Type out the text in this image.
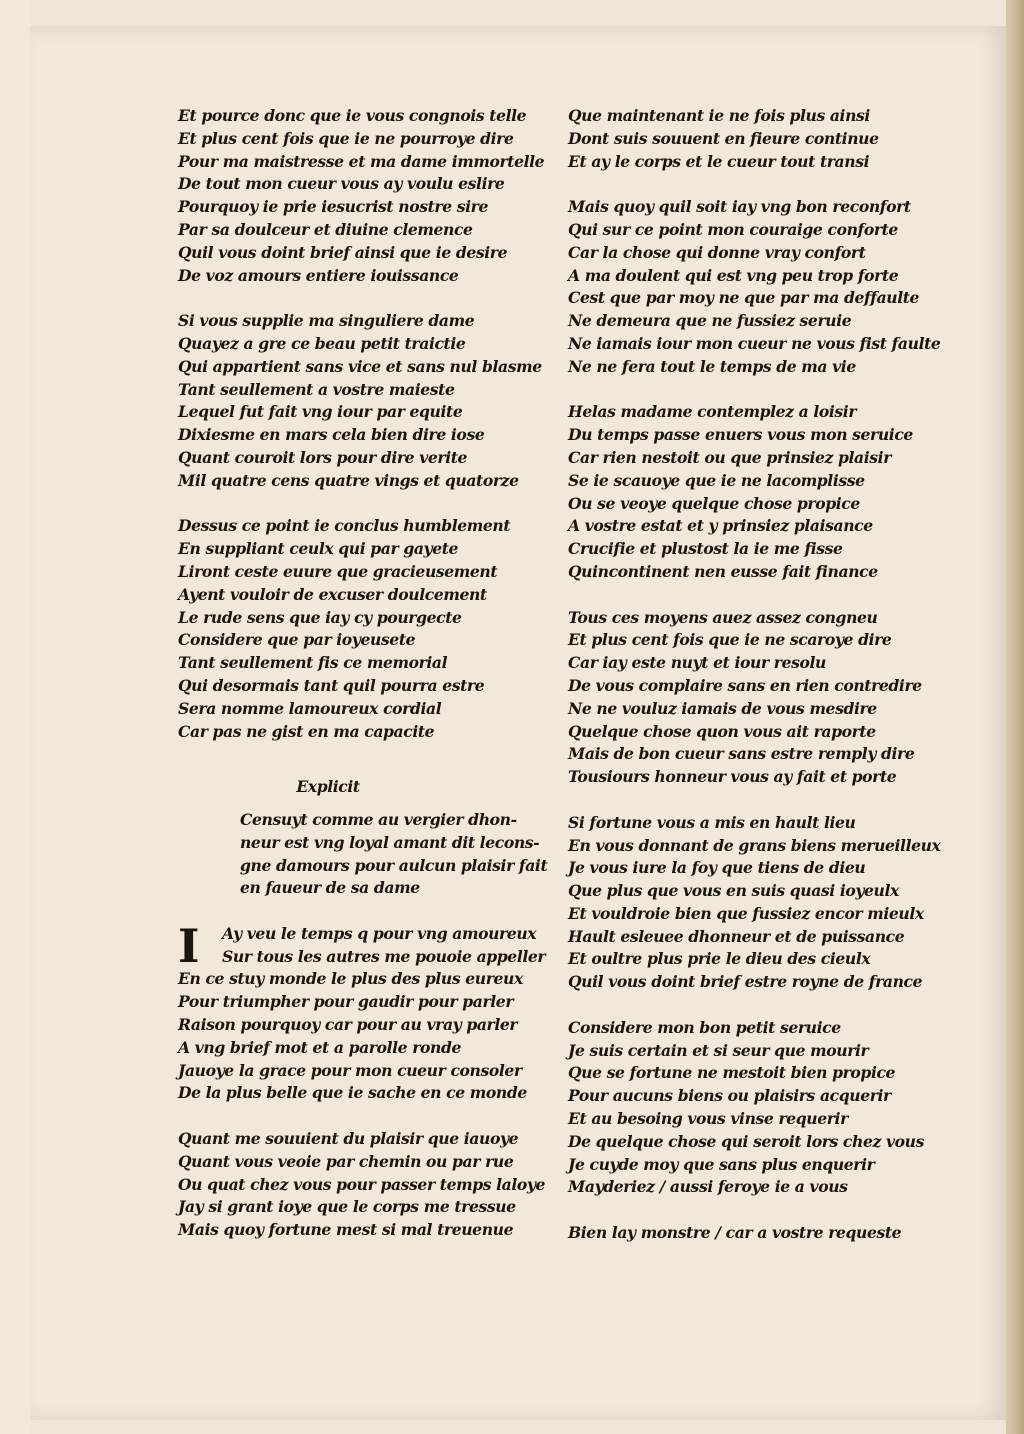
Et pource donc que ie vous congnois telle
Et plus cent fois que ie ne pourroye dire
Pour ma maistresse et ma dame immortelle
De tout mon cueur vous ay voulu eslire
Pourquoy ie prie iesucrist nostre sire
Par sa doulceur et diuine clemence
Quil vous doint brief ainsi que ie desire
De voz amours entiere iouissance
Si vous supplie ma singuliere dame
Quayez a gre ce beau petit traictie
Qui appartient sans vice et sans nul blasme
Tant seullement a vostre maieste
Lequel fut fait vng iour par equite
Dixiesme en mars cela bien dire iose
Quant couroit lors pour dire verite
Mil quatre cens quatre vings et quatorze
Dessus ce point ie conclus humblement
En suppliant ceulx qui par gayete
Liront ceste euure que gracieusement
Ayent vouloir de excuser doulcement
Le rude sens que iay cy pourgecte
Considere que par ioyeusete
Tant seullement fis ce memorial
Qui desormais tant quil pourra estre
Sera nomme lamoureux cordial
Car pas ne gist en ma capacite
Explicit
Censuyt comme au vergier dhon-
neur est vng loyal amant dit lecons-
gne damours pour aulcun plaisir fait
en faueur de sa dame
I	Ay veu le temps q pour vng amoureux
Sur tous les autres me pouoie appeller
En ce stuy monde le plus des plus eureux
Pour triumpher pour gaudir pour parler
Raison pourquoy car pour au vray parler
A vng brief mot et a parolle ronde
Jauoye la grace pour mon cueur consoler
De la plus belle que ie sache en ce monde
Quant me souuient du plaisir que iauoye
Quant vous veoie par chemin ou par rue
Ou quat chez vous pour passer temps laloye
Jay si grant ioye que le corps me tressue
Mais quoy fortune mest si mal treuenue
Que maintenant ie ne fois plus ainsi
Dont suis souuent en fieure continue
Et ay le corps et le cueur tout transi
Mais quoy quil soit iay vng bon reconfort
Qui sur ce point mon couraige conforte
Car la chose qui donne vray confort
A ma doulent qui est vng peu trop forte
Cest que par moy ne que par ma deffaulte
Ne demeura que ne fussiez seruie
Ne iamais iour mon cueur ne vous fist faulte
Ne ne fera tout le temps de ma vie
Helas madame contemplez a loisir
Du temps passe enuers vous mon seruice
Car rien nestoit ou que prinsiez plaisir
Se ie scauoye que ie ne lacomplisse
Ou se veoye quelque chose propice
A vostre estat et y prinsiez plaisance
Crucifie et plustost la ie me fisse
Quincontinent nen eusse fait finance
Tous ces moyens auez assez congneu
Et plus cent fois que ie ne scaroye dire
Car iay este nuyt et iour resolu
De vous complaire sans en rien contredire
Ne ne vouluz iamais de vous mesdire
Quelque chose quon vous ait raporte
Mais de bon cueur sans estre remply dire
Tousiours honneur vous ay fait et porte
Si fortune vous a mis en hault lieu
En vous donnant de grans biens merueilleux
Je vous iure la foy que tiens de dieu
Que plus que vous en suis quasi ioyeulx
Et vouldroie bien que fussiez encor mieulx
Hault esleuee dhonneur et de puissance
Et oultre plus prie le dieu des cieulx
Quil vous doint brief estre royne de france
Considere mon bon petit seruice
Je suis certain et si seur que mourir
Que se fortune ne mestoit bien propice
Pour aucuns biens ou plaisirs acquerir
Et au besoing vous vinse requerir
De quelque chose qui seroit lors chez vous
Je cuyde moy que sans plus enquerir
Mayderiez / aussi feroye ie a vous
Bien lay monstre / car a vostre requeste
